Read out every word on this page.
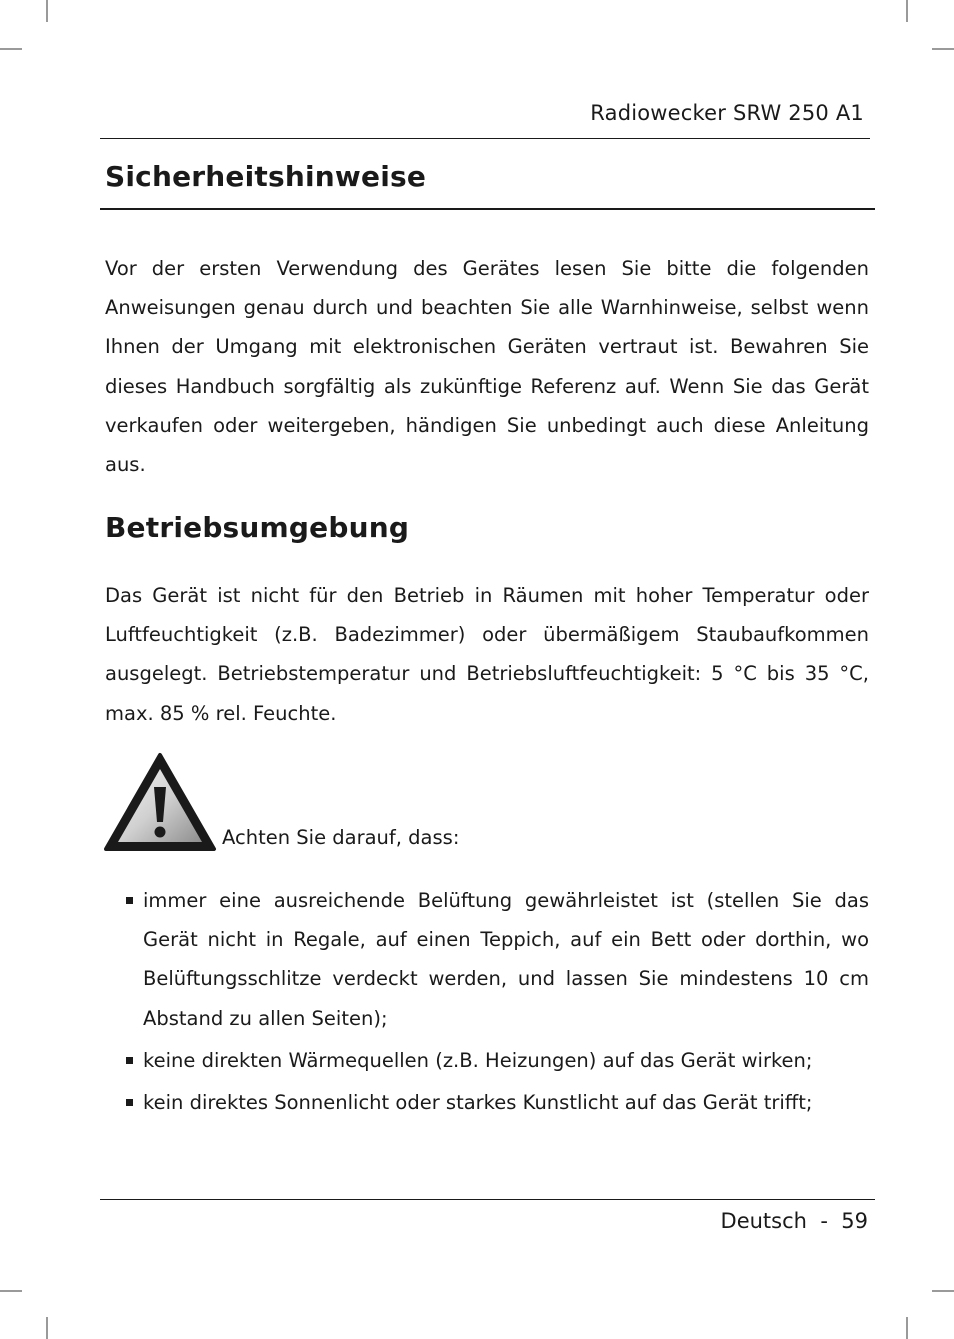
Radiowecker SRW 250 A1
Sicherheitshinweise

Vor der ersten Verwendung des Gerätes lesen Sie bitte die folgenden Anweisungen genau durch und beachten Sie alle Warnhinweise, selbst wenn Ihnen der Umgang mit elektronischen Geräten vertraut ist. Bewahren Sie dieses Handbuch sorgfältig als zukünftige Referenz auf. Wenn Sie das Gerät verkaufen oder weitergeben, händigen Sie unbedingt auch diese Anleitung aus.

Betriebsumgebung

Das Gerät ist nicht für den Betrieb in Räumen mit hoher Temperatur oder Luftfeuchtigkeit (z.B. Badezimmer) oder übermäßigem Staubaufkommen ausgelegt. Betriebstemperatur und Betriebsluftfeuchtigkeit: 5 °C bis 35 °C, max. 85 % rel. Feuchte.

Achten Sie darauf, dass:
immer eine ausreichende Belüftung gewährleistet ist (stellen Sie das Gerät nicht in Regale, auf einen Teppich, auf ein Bett oder dorthin, wo Belüftungsschlitze verdeckt werden, und lassen Sie mindestens 10 cm Abstand zu allen Seiten);
keine direkten Wärmequellen (z.B. Heizungen) auf das Gerät wirken;
kein direktes Sonnenlicht oder starkes Kunstlicht auf das Gerät trifft;
Deutsch - 59
